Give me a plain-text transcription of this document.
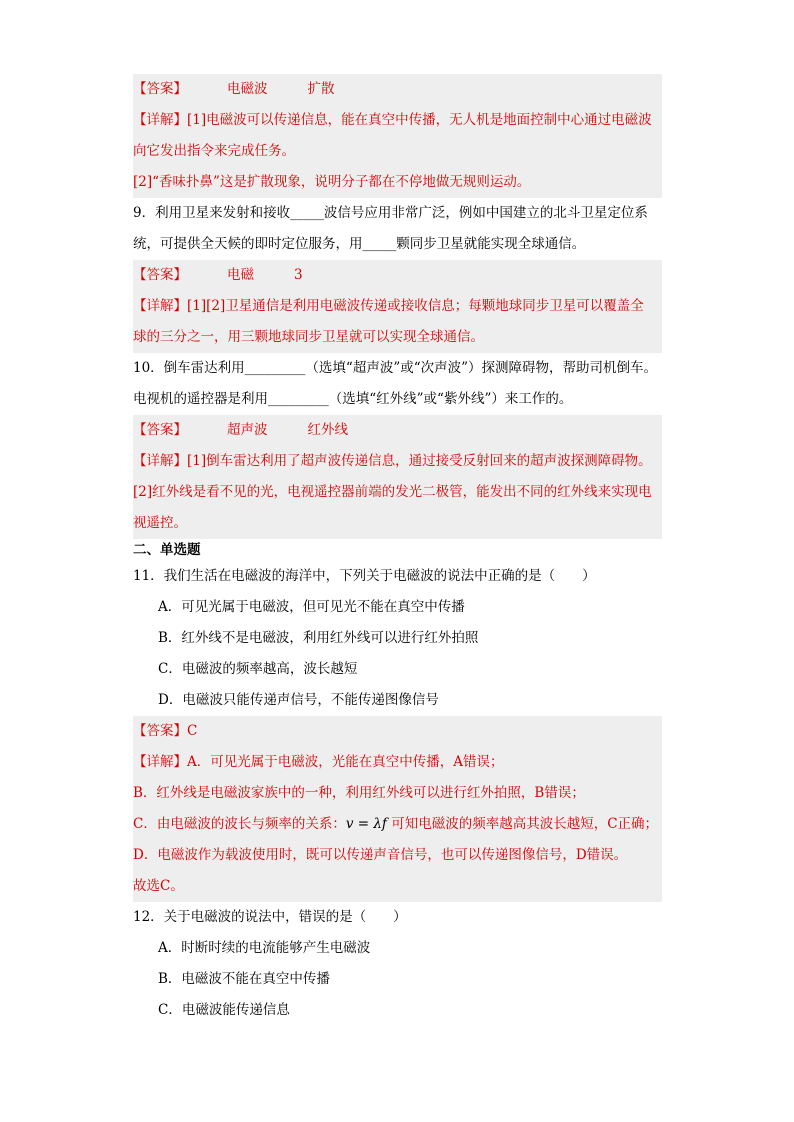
【答案】	电磁波	扩散
【详解】[1]电磁波可以传递信息，能在真空中传播，无人机是地面控制中心通过电磁波
向它发出指令来完成任务。
[2]“香味扑鼻”这是扩散现象，说明分子都在不停地做无规则运动。
9．利用卫星来发射和接收_____波信号应用非常广泛，例如中国建立的北斗卫星定位系
统，可提供全天候的即时定位服务，用_____颗同步卫星就能实现全球通信。
【答案】	电磁	3
【详解】[1][2]卫星通信是利用电磁波传递或接收信息；每颗地球同步卫星可以覆盖全
球的三分之一，用三颗地球同步卫星就可以实现全球通信。
10．倒车雷达利用_________（选填“超声波”或“次声波”）探测障碍物，帮助司机倒车。
电视机的遥控器是利用_________（选填“红外线”或“紫外线”）来工作的。
【答案】	超声波	红外线
【详解】[1]倒车雷达利用了超声波传递信息，通过接受反射回来的超声波探测障碍物。
[2]红外线是看不见的光，电视遥控器前端的发光二极管，能发出不同的红外线来实现电
视遥控。
二、单选题
11．我们生活在电磁波的海洋中，下列关于电磁波的说法中正确的是（　　）
A．可见光属于电磁波，但可见光不能在真空中传播
B．红外线不是电磁波，利用红外线可以进行红外拍照
C．电磁波的频率越高，波长越短
D．电磁波只能传递声信号，不能传递图像信号
【答案】C
【详解】A．可见光属于电磁波，光能在真空中传播，A错误；
B．红外线是电磁波家族中的一种，利用红外线可以进行红外拍照，B错误；
C．由电磁波的波长与频率的关系：v = λf 可知电磁波的频率越高其波长越短，C正确；
D．电磁波作为载波使用时，既可以传递声音信号，也可以传递图像信号，D错误。
故选C。
12．关于电磁波的说法中，错误的是（　　）
A．时断时续的电流能够产生电磁波
B．电磁波不能在真空中传播
C．电磁波能传递信息
